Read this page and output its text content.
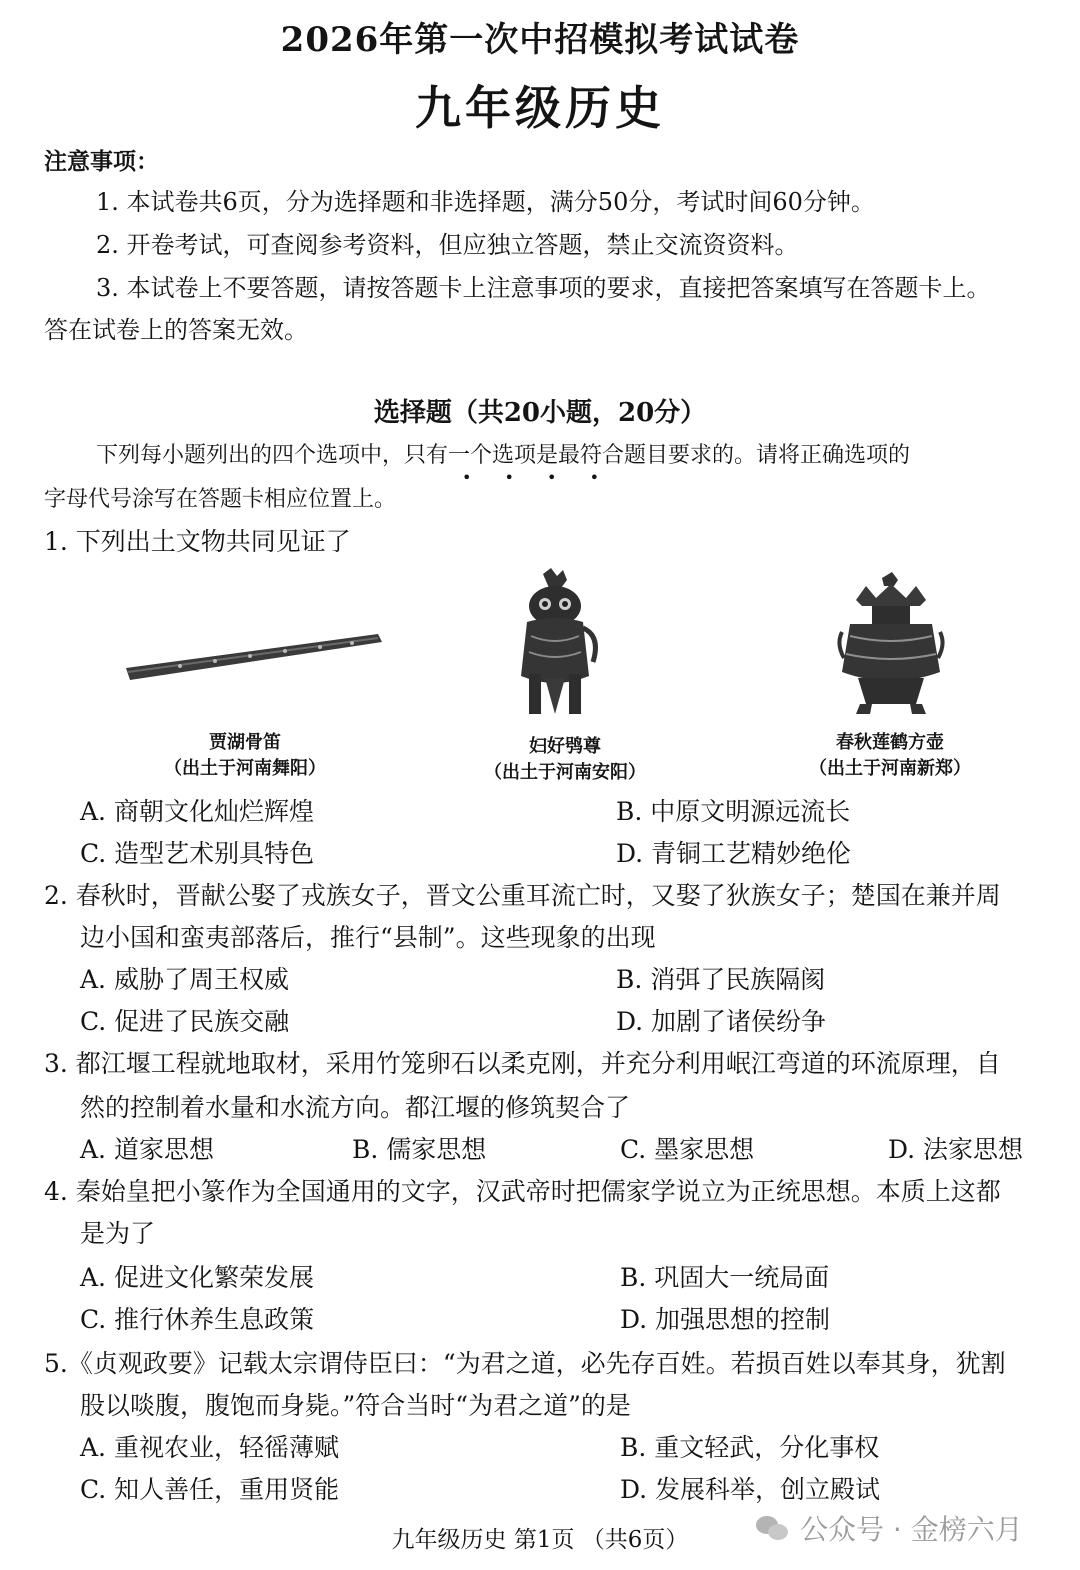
2026年第一次中招模拟考试试卷
九年级历史
注意事项：
1. 本试卷共6页，分为选择题和非选择题，满分50分，考试时间60分钟。
2. 开卷考试，可查阅参考资料，但应独立答题，禁止交流资资料。
3. 本试卷上不要答题，请按答题卡上注意事项的要求，直接把答案填写在答题卡上。
答在试卷上的答案无效。
选择题（共20小题，20分）
下列每小题列出的四个选项中，只有一个选项是最符合题目要求的。请将正确选项的
• • • •
字母代号涂写在答题卡相应位置上。
1. 下列出土文物共同见证了
贾湖骨笛
（出土于河南舞阳）
妇好鸮尊
（出土于河南安阳）
春秋莲鹤方壶
（出土于河南新郑）
A. 商朝文化灿烂辉煌	B. 中原文明源远流长
C. 造型艺术别具特色	D. 青铜工艺精妙绝伦
2. 春秋时，晋献公娶了戎族女子，晋文公重耳流亡时，又娶了狄族女子；楚国在兼并周
边小国和蛮夷部落后，推行“县制”。这些现象的出现
A. 威胁了周王权威	B. 消弭了民族隔阂
C. 促进了民族交融	D. 加剧了诸侯纷争
3. 都江堰工程就地取材，采用竹笼卵石以柔克刚，并充分利用岷江弯道的环流原理，自
然的控制着水量和水流方向。都江堰的修筑契合了
A. 道家思想	B. 儒家思想	C. 墨家思想	D. 法家思想
4. 秦始皇把小篆作为全国通用的文字，汉武帝时把儒家学说立为正统思想。本质上这都
是为了
A. 促进文化繁荣发展	B. 巩固大一统局面
C. 推行休养生息政策	D. 加强思想的控制
5.《贞观政要》记载太宗谓侍臣曰：“为君之道，必先存百姓。若损百姓以奉其身，犹割
股以啖腹，腹饱而身毙。”符合当时“为君之道”的是
A. 重视农业，轻徭薄赋	B. 重文轻武，分化事权
C. 知人善任，重用贤能	D. 发展科举，创立殿试
九年级历史 第1页 （共6页）	公众号 · 金榜六月
